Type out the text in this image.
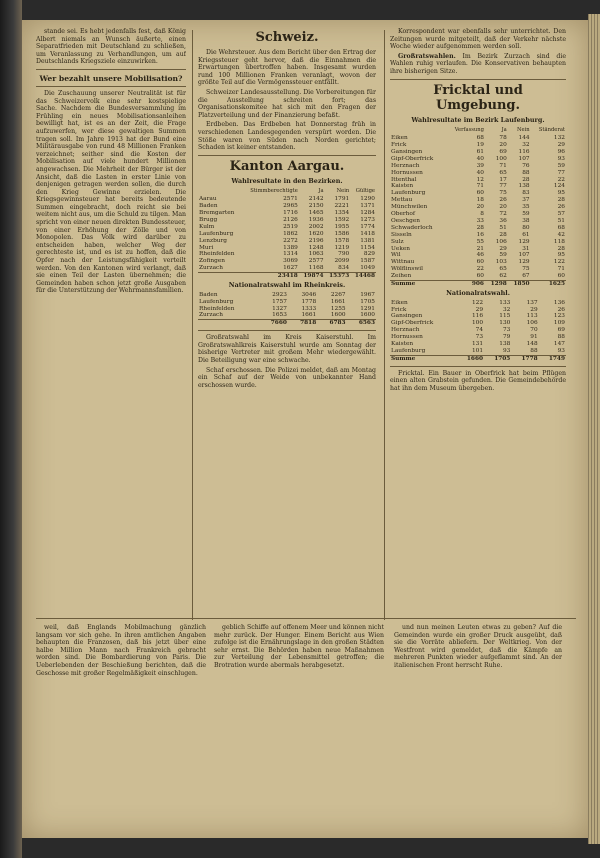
stande sei. Es hebt jedenfalls fest, daß König Albert niemals an Wunsch äußerte, einen Separatfrieden mit Deutschland zu schließen, um Veranlassung zu Verhandlungen, um auf Deutschlands Kriegsziele einzuwirken.

Wer bezahlt unsere Mobilisation?

Die Zuschauung unserer Neutralität ist für das Schweizervolk eine sehr kostspielige Sache. Nachdem die Bundesversammlung im Frühling ein neues Mobilisationsanleihen bewilligt hat, ist es an der Zeit, die Frage aufzuwerfen, wer diese gewaltigen Summen tragen soll. Im Jahre 1913 hat der Bund eine Militärausgabe von rund 48 Millionen Franken verzeichnet; seither sind die Kosten der Mobilisation auf viele hundert Millionen angewachsen. Die Mehrheit der Bürger ist der Ansicht, daß die Lasten in erster Linie von denjenigen getragen werden sollen, die durch den Krieg Gewinne erzielen. Die Kriegsgewinnsteuer hat bereits bedeutende Summen eingebracht, doch reicht sie bei weitem nicht aus, um die Schuld zu tilgen. Man spricht von einer neuen direkten Bundessteuer, von einer Erhöhung der Zölle und von Monopolen. Das Volk wird darüber zu entscheiden haben, welcher Weg der gerechteste ist, und es ist zu hoffen, daß die Opfer nach der Leistungsfähigkeit verteilt werden. Von den Kantonen wird verlangt, daß sie einen Teil der Lasten übernehmen; die Gemeinden haben schon jetzt große Ausgaben für die Unterstützung der Wehrmannsfamilien.

Schweiz.

Die Wehrsteuer. Aus dem Bericht über den Ertrag der Kriegssteuer geht hervor, daß die Einnahmen die Erwartungen übertroffen haben. Insgesamt wurden rund 100 Millionen Franken veranlagt, wovon der größte Teil auf die Vermögenssteuer entfällt.

Schweizer Landesausstellung. Die Vorbereitungen für die Ausstellung schreiten fort; das Organisationskomitee hat sich mit den Fragen der Platzverteilung und der Finanzierung befaßt.

Erdbeben. Das Erdbeben hat Donnerstag früh in verschiedenen Landesgegenden verspürt worden. Die Stöße waren von Süden nach Norden gerichtet; Schaden ist keiner entstanden.

Kanton Aargau.
Wahlresultate in den Bezirken.
	Stimmberechtigte	Ja	Nein	Gültige
Aarau	2571	2142	1791	1290
Baden	2965	2150	2221	1371
Bremgarten	1716	1465	1354	1284
Brugg	2126	1936	1592	1273
Kulm	2519	2002	1955	1774
Laufenburg	1862	1620	1586	1418
Lenzburg	2272	2196	1578	1381
Muri	1389	1248	1219	1154
Rheinfelden	1314	1063	790	829
Zofingen	3069	2577	2099	1587
Zurzach	1627	1168	834	1049
	23418	19874	15373	14468
Nationalratswahl im Rheinkreis.
Baden	2923	3046	2267	1967
Laufenburg	1757	1778	1661	1705
Rheinfelden	1327	1333	1255	1291
Zurzach	1653	1661	1600	1600
	7660	7818	6783	6563

Großratswahl im Kreis Kaiserstuhl. Im Großratswahlkreis Kaiserstuhl wurde am Sonntag der bisherige Vertreter mit großem Mehr wiedergewählt. Die Beteiligung war eine schwache.

Schaf erschossen. Die Polizei meldet, daß am Montag ein Schaf auf der Weide von unbekannter Hand erschossen wurde.

Korrespondent war ebenfalls sehr unterrichtet. Den Zeitungen wurde mitgeteilt, daß der Verkehr nächste Woche wieder aufgenommen werden soll.

Großratswahlen. Im Bezirk Zurzach sind die Wahlen ruhig verlaufen. Die Konservativen behaupten ihre bisherigen Sitze.

Fricktal und Umgebung.
Wahlresultate im Bezirk Laufenburg.
	Verfassung	Ja	Nein	Ständerat
Eiken	68	78	144	132
Frick	19	20	32	29
Gansingen	61	69	116	96
Gipf-Oberfrick	40	100	107	93
Herznach	39	71	76	59
Hornussen	40	65	88	77
Ittenthal	12	17	28	22
Kaisten	71	77	138	124
Laufenburg	60	75	83	95
Mettau	18	26	37	28
Münchwilen	20	20	35	26
Oberhof	8	72	59	57
Oeschgen	33	36	38	51
Schwaderloch	28	51	80	68
Sisseln	16	28	61	42
Sulz	55	106	129	118
Ueken	21	29	31	28
Wil	46	59	107	95
Wittnau	60	103	129	122
Wölflinswil	22	65	75	71
Zeihen	60	62	67	60
Summe	906	1298	1850	1625
Nationalratswahl.
Eiken	122	133	137	136
Frick	29	32	29	26
Gansingen	116	115	113	123
Gipf-Oberfrick	100	130	106	109
Herznach	74	73	70	69
Hornussen	73	79	91	88
Kaisten	131	138	148	147
Laufenburg	101	93	88	93
Summe	1660	1705	1778	1749

Fricktal. Ein Bauer in Oberfrick hat beim Pflügen einen alten Grabstein gefunden. Die Gemeindebehörde hat ihn dem Museum übergeben.

weil, daß Englands Mobilmachung gänzlich langsam vor sich gehe. In ihren amtlichen Angaben behaupten die Franzosen, daß bis jetzt über eine halbe Million Mann nach Frankreich gebracht worden sind. Die Bombardierung von Paris. Die Ueberlebenden der Beschießung berichten, daß die Geschosse mit großer Regelmäßigkeit einschlugen.

geblich Schiffe auf offenem Meer und können nicht mehr zurück. Der Hunger. Einem Bericht aus Wien zufolge ist die Ernährungslage in den großen Städten sehr ernst. Die Behörden haben neue Maßnahmen zur Verteilung der Lebensmittel getroffen; die Brotration wurde abermals herabgesetzt.

und nun meinen Leuten etwas zu geben? Auf die Gemeinden wurde ein großer Druck ausgeübt, daß sie die Vorräte abliefern. Der Weltkrieg. Von der Westfront wird gemeldet, daß die Kämpfe an mehreren Punkten wieder aufgeflammt sind. An der italienischen Front herrscht Ruhe.
